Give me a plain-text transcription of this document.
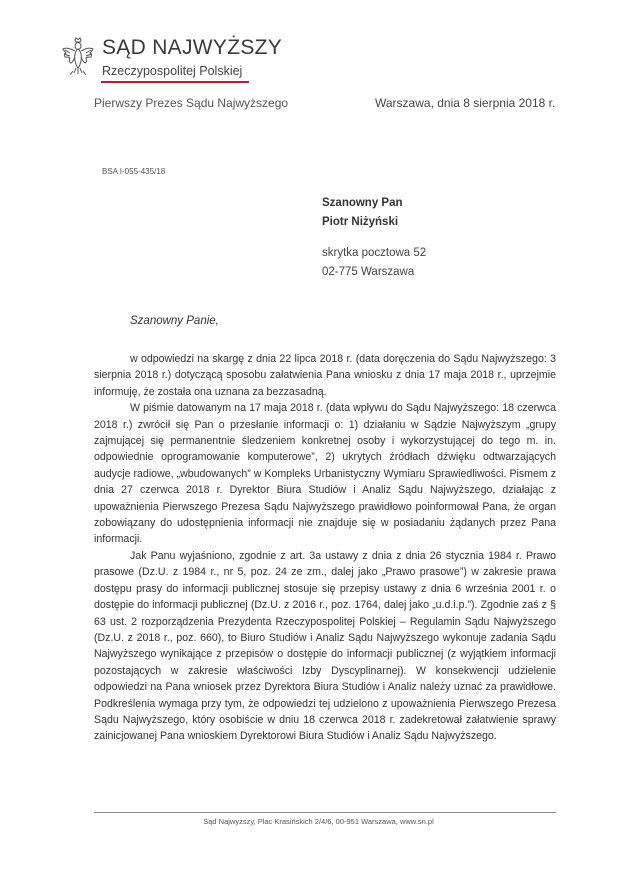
SĄD NAJWYŻSZY
Rzeczypospolitej Polskiej
Pierwszy Prezes Sądu Najwyższego	Warszawa, dnia 8 sierpnia 2018 r.
BSA I-055-435/18
Szanowny Pan
Piotr Niżyński
skrytka pocztowa 52
02-775 Warszawa
Szanowny Panie,

w odpowiedzi na skargę z dnia 22 lipca 2018 r. (data doręczenia do Sądu Najwyższego: 3 sierpnia 2018 r.) dotyczącą sposobu załatwienia Pana wniosku z dnia 17 maja 2018 r., uprzejmie informuję, że została ona uznana za bezzasadną.

W piśmie datowanym na 17 maja 2018 r. (data wpływu do Sądu Najwyższego: 18 czerwca 2018 r.) zwrócił się Pan o przesłanie informacji o: 1) działaniu w Sądzie Najwyższym „grupy zajmującej się permanentnie śledzeniem konkretnej osoby i wykorzystującej do tego m. in. odpowiednie oprogramowanie komputerowe”, 2) ukrytych źródłach dźwięku odtwarzających audycje radiowe, „wbudowanych” w Kompleks Urbanistyczny Wymiaru Sprawiedliwości. Pismem z dnia 27 czerwca 2018 r. Dyrektor Biura Studiów i Analiz Sądu Najwyższego, działając z upoważnienia Pierwszego Prezesa Sądu Najwyższego prawidłowo poinformował Pana, że organ zobowiązany do udostępnienia informacji nie znajduje się w posiadaniu żądanych przez Pana informacji.

Jak Panu wyjaśniono, zgodnie z art. 3a ustawy z dnia z dnia 26 stycznia 1984 r. Prawo prasowe (Dz.U. z 1984 r., nr 5, poz. 24 ze zm., dalej jako „Prawo prasowe”) w zakresie prawa dostępu prasy do informacji publicznej stosuje się przepisy ustawy z dnia 6 września 2001 r. o dostępie do informacji publicznej (Dz.U. z 2016 r., poz. 1764, dalej jako „u.d.i.p.”). Zgodnie zaś z § 63 ust. 2 rozporządzenia Prezydenta Rzeczypospolitej Polskiej – Regulamin Sądu Najwyższego (Dz.U. z 2018 r., poz. 660), to Biuro Studiów i Analiz Sądu Najwyższego wykonuje zadania Sądu Najwyższego wynikające z przepisów o dostępie do informacji publicznej (z wyjątkiem informacji pozostających w zakresie właściwości Izby Dyscyplinarnej). W konsekwencji udzielenie odpowiedzi na Pana wniosek przez Dyrektora Biura Studiów i Analiz należy uznać za prawidłowe. Podkreślenia wymaga przy tym, że odpowiedzi tej udzielono z upoważnienia Pierwszego Prezesa Sądu Najwyższego, który osobiście w dniu 18 czerwca 2018 r. zadekretował załatwienie sprawy zainicjowanej Pana wnioskiem Dyrektorowi Biura Studiów i Analiz Sądu Najwyższego.

Sąd Najwyższy, Plac Krasińskich 2/4/6, 00-951 Warszawa, www.sn.pl
